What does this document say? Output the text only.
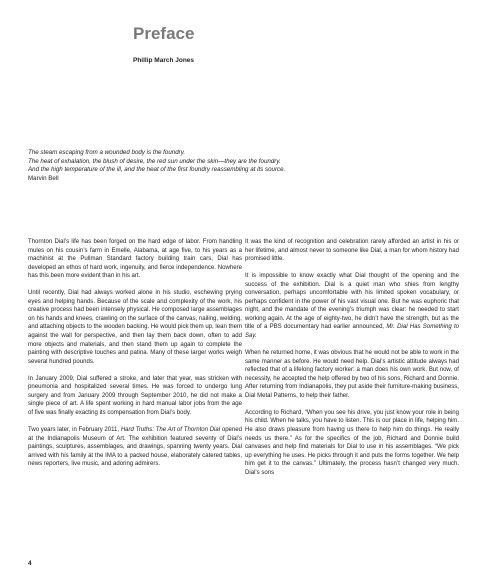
Preface
Phillip March Jones
The steam escaping from a wounded body is the foundry.
The heat of exhalation, the blush of desire, the red sun under the skin—they are the foundry.
And the high temperature of the ill, and the heat of the first foundry reassembling at its source.
Marvin Bell

Thornton Dial’s life has been forged on the hard edge of labor. From handling mules on his cousin’s farm in Emelle, Alabama, at age five, to his years as a machinist at the Pullman Standard factory building train cars, Dial has developed an ethos of hard work, ingenuity, and fierce independence. Nowhere has this been more evident than in his art.

Until recently, Dial had always worked alone in his studio, eschewing prying eyes and helping hands. Because of the scale and complexity of the work, his creative process had been intensely physical. He composed large assemblages on his hands and knees, crawling on the surface of the canvas, nailing, welding, and attaching objects to the wooden backing. He would pick them up, lean them against the wall for perspective, and then lay them back down, often to add more objects and materials, and then stand them up again to complete the painting with descriptive touches and patina. Many of these larger works weigh several hundred pounds.

In January 2009, Dial suffered a stroke, and later that year, was stricken with pneumonia and hospitalized several times. He was forced to undergo lung surgery and from January 2009 through September 2010, he did not make a single piece of art. A life spent working in hard manual labor jobs from the age of five was finally exacting its compensation from Dial’s body.

Two years later, in February 2011, Hard Truths: The Art of Thornton Dial opened at the Indianapolis Museum of Art. The exhibition featured seventy of Dial’s paintings, sculptures, assemblages, and drawings, spanning twenty years. Dial arrived with his family at the IMA to a packed house, elaborately catered tables, news reporters, live music, and adoring admirers.

It was the kind of recognition and celebration rarely afforded an artist in his or her lifetime, and almost never to someone like Dial, a man for whom history had promised little.

It is impossible to know exactly what Dial thought of the opening and the success of the exhibition. Dial is a quiet man who shies from lengthy conversation, perhaps uncomfortable with his limited spoken vocabulary, or perhaps confident in the power of his vast visual one. But he was euphoric that night, and the mandate of the evening’s triumph was clear: he needed to start working again. At the age of eighty-two, he didn’t have the strength, but as the title of a PBS documentary had earlier announced, Mr. Dial Has Something to Say.

When he returned home, it was obvious that he would not be able to work in the same manner as before. He would need help. Dial’s artistic attitude always had reflected that of a lifelong factory worker: a man does his own work. But now, of necessity, he accepted the help offered by two of his sons, Richard and Donnie. After returning from Indianapolis, they put aside their furniture-making business, Dial Metal Patterns, to help their father.

According to Richard, “When you see his drive, you just know your role in being his child. When he talks, you have to listen. This is our place in life, helping him. He also draws pleasure from having us there to help him do things. He really needs us there.” As for the specifics of the job, Richard and Donnie build canvases and help find materials for Dial to use in his assemblages. “We pick up everything he uses. He picks through it and puts the forms together. We help him get it to the canvas.” Ultimately, the process hasn’t changed very much. Dial’s sons

4
